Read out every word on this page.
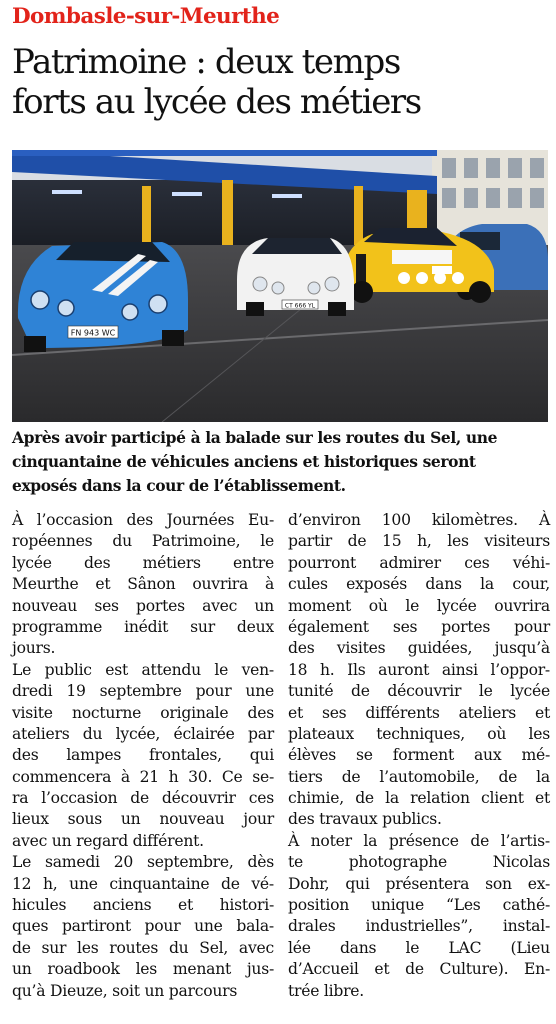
Dombasle-sur-Meurthe
Patrimoine : deux temps
forts au lycée des métiers
CT 666 YL
FN 943 WC
Après avoir participé à la balade sur les routes du Sel, une
cinquantaine de véhicules anciens et historiques seront
exposés dans la cour de l’établissement.
À l’occasion des Journées Eu-
ropéennes du Patrimoine, le
lycée des métiers entre
Meurthe et Sânon ouvrira à
nouveau ses portes avec un
programme inédit sur deux
jours.
Le public est attendu le ven-
dredi 19 septembre pour une
visite nocturne originale des
ateliers du lycée, éclairée par
des lampes frontales, qui
commencera à 21 h 30. Ce se-
ra l’occasion de découvrir ces
lieux sous un nouveau jour
avec un regard différent.
Le samedi 20 septembre, dès
12 h, une cinquantaine de vé-
hicules anciens et histori-
ques partiront pour une bala-
de sur les routes du Sel, avec
un roadbook les menant jus-
qu’à Dieuze, soit un parcours
d’environ 100 kilomètres. À
partir de 15 h, les visiteurs
pourront admirer ces véhi-
cules exposés dans la cour,
moment où le lycée ouvrira
également ses portes pour
des visites guidées, jusqu’à
18 h. Ils auront ainsi l’oppor-
tunité de découvrir le lycée
et ses différents ateliers et
plateaux techniques, où les
élèves se forment aux mé-
tiers de l’automobile, de la
chimie, de la relation client et
des travaux publics.
À noter la présence de l’artis-
te	photographe	Nicolas
Dohr, qui présentera son ex-
position unique “Les cathé-
drales industrielles”, instal-
lée dans le LAC (Lieu
d’Accueil et de Culture). En-
trée libre.
